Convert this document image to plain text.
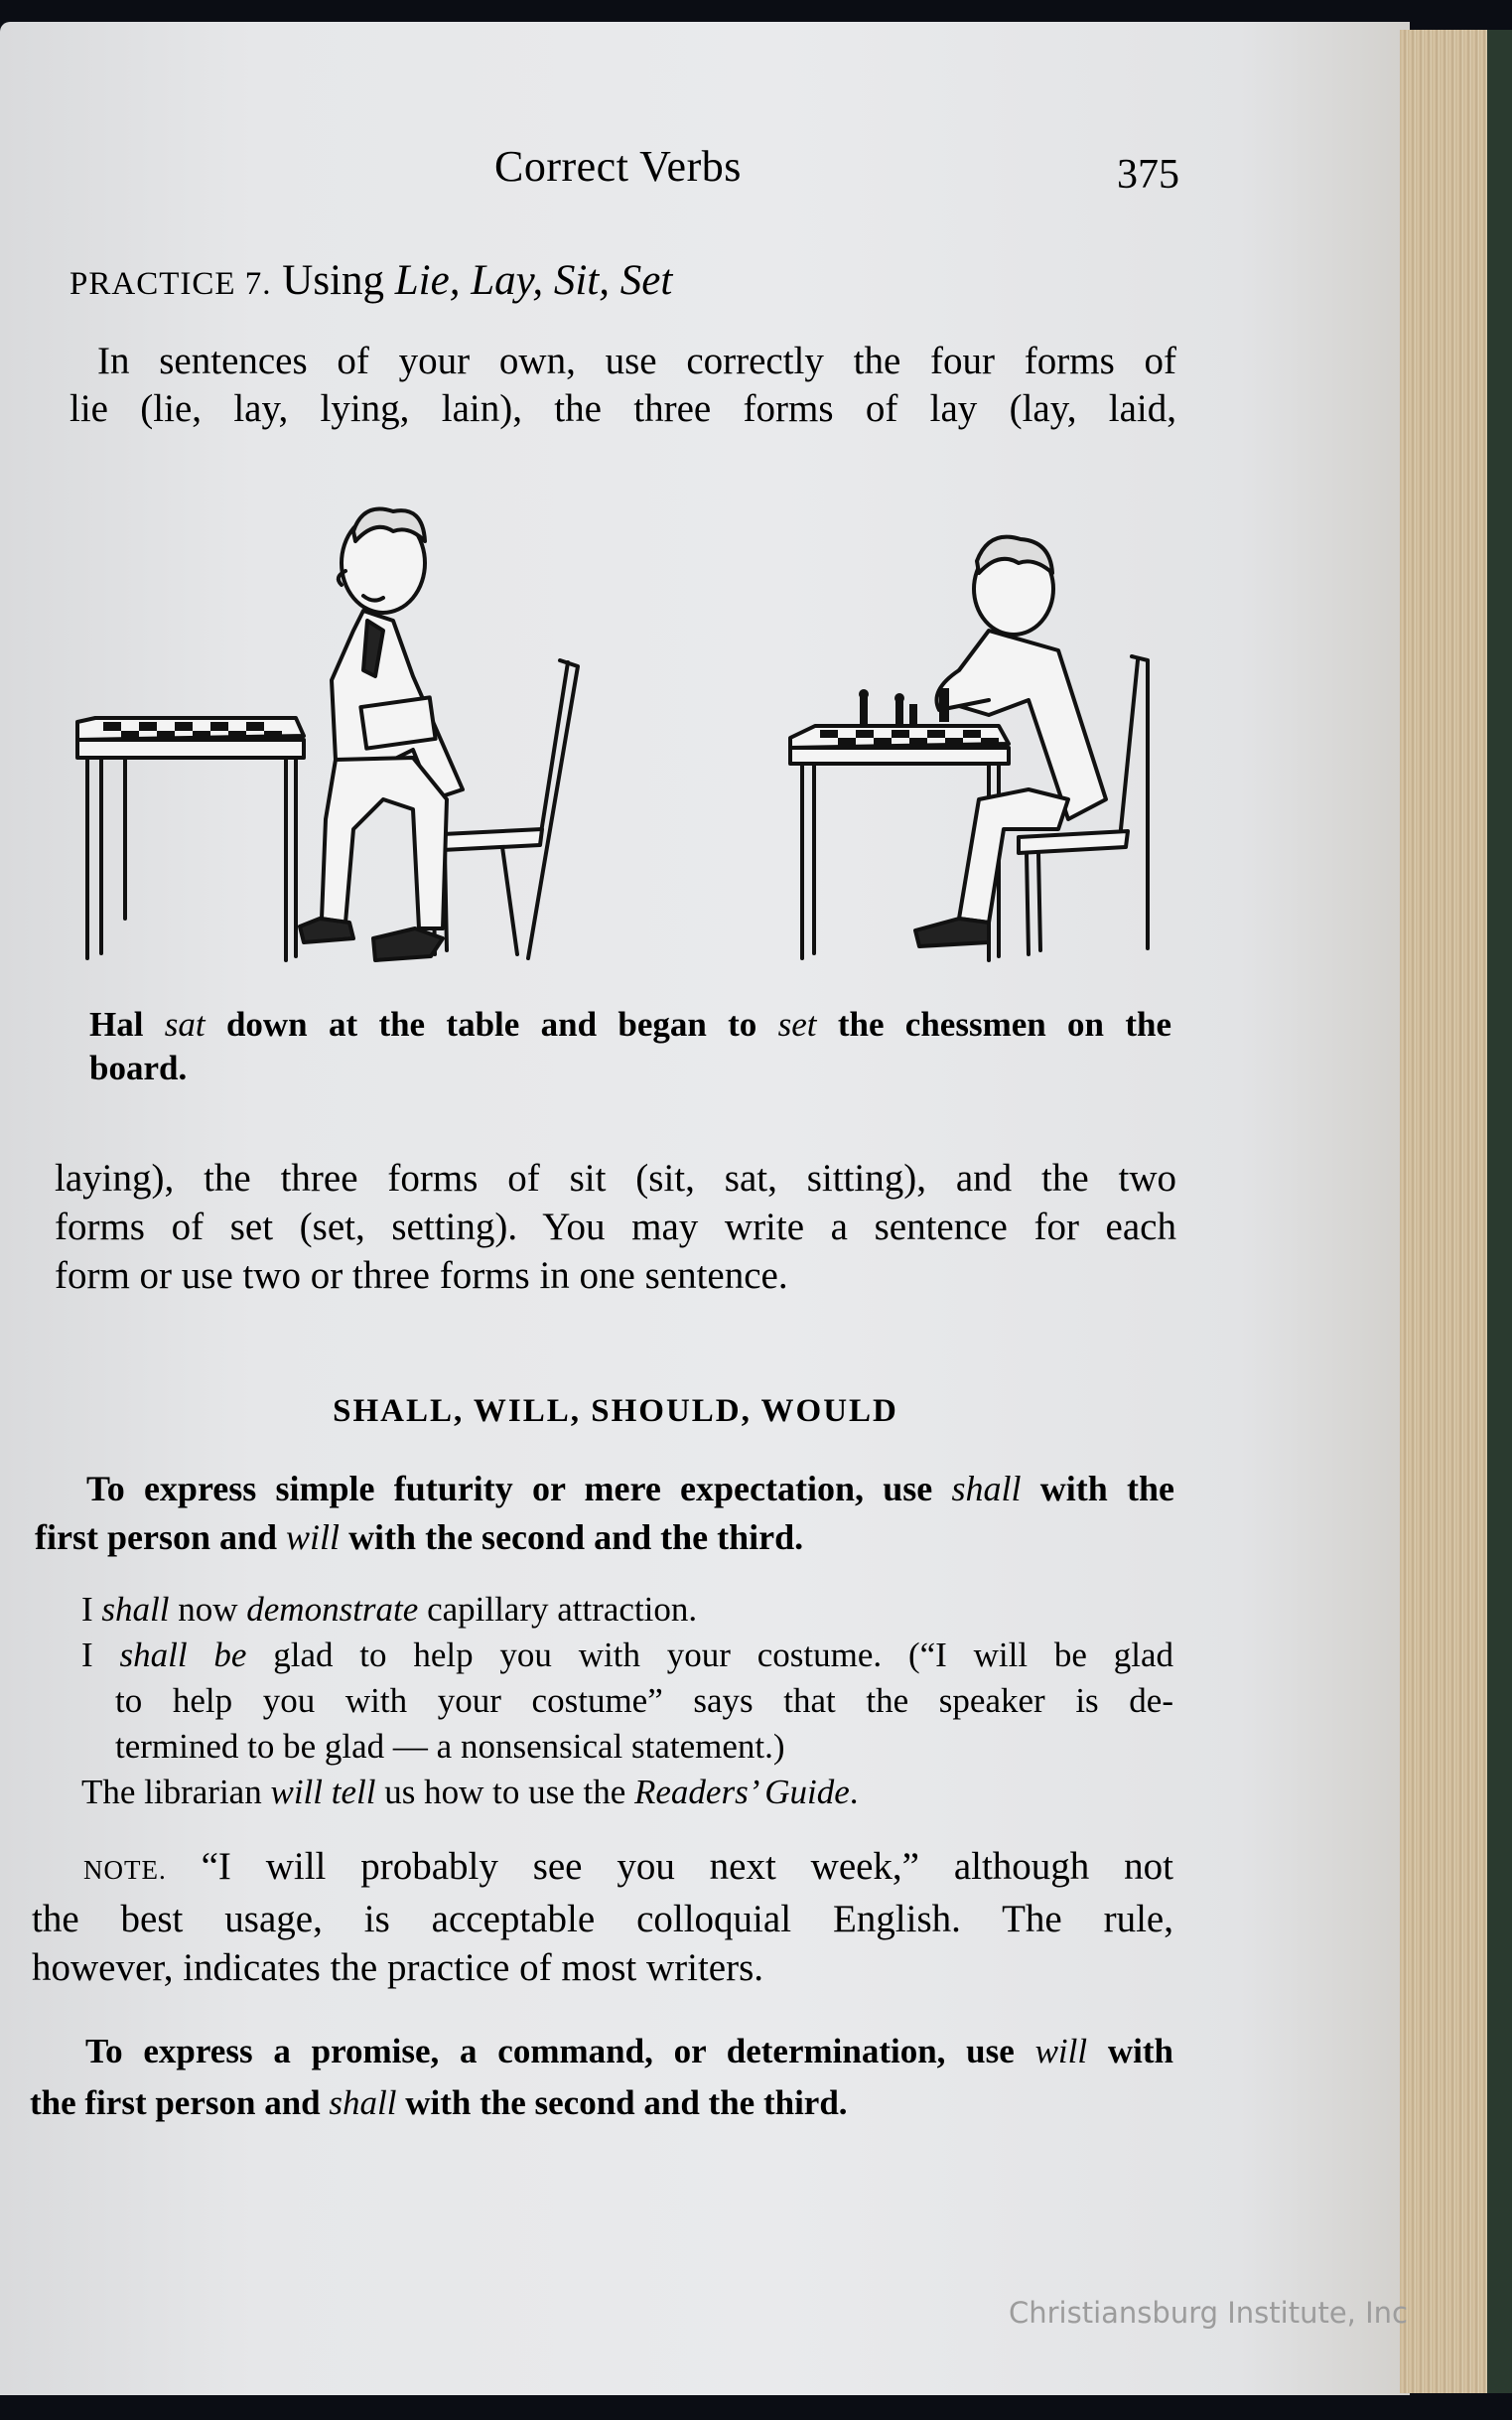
Correct Verbs	375
PRACTICE 7. Using Lie, Lay, Sit, Set
In sentences of your own, use correctly the four forms of
lie (lie, lay, lying, lain), the three forms of lay (lay, laid,
Hal sat down at the table and began to set the chessmen on the
board.
laying), the three forms of sit (sit, sat, sitting), and the two
forms of set (set, setting). You may write a sentence for each
form or use two or three forms in one sentence.
SHALL, WILL, SHOULD, WOULD
To express simple futurity or mere expectation, use shall with the
first person and will with the second and the third.
I shall now demonstrate capillary attraction.
I shall be glad to help you with your costume. (“I will be glad
to help you with your costume” says that the speaker is de-
termined to be glad — a nonsensical statement.)
The librarian will tell us how to use the Readers’ Guide.
NOTE. “I will probably see you next week,” although not
the best usage, is acceptable colloquial English. The rule,
however, indicates the practice of most writers.
To express a promise, a command, or determination, use will with
the first person and shall with the second and the third.
Christiansburg Institute, Inc
